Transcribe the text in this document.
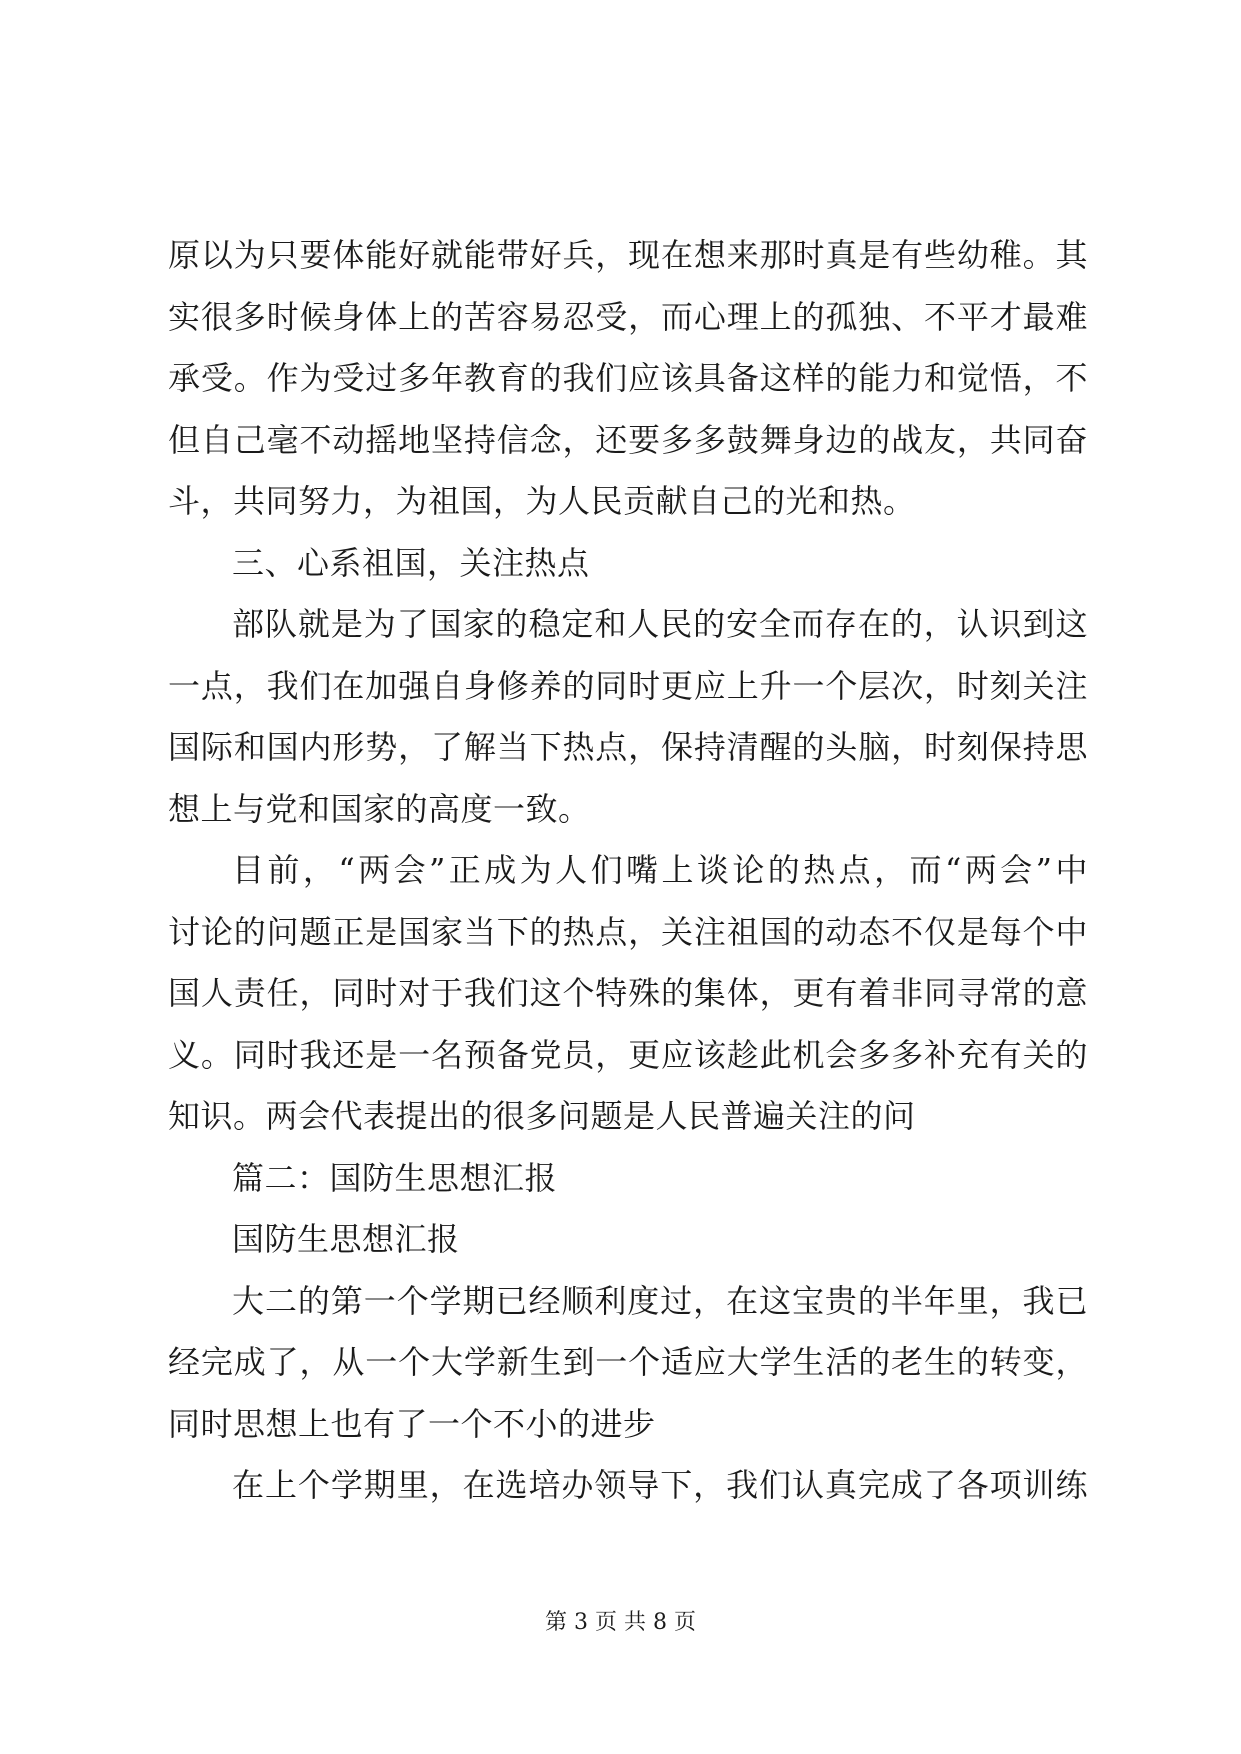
原以为只要体能好就能带好兵，现在想来那时真是有些幼稚。其
实很多时候身体上的苦容易忍受，而心理上的孤独、不平才最难
承受。作为受过多年教育的我们应该具备这样的能力和觉悟，不
但自己毫不动摇地坚持信念，还要多多鼓舞身边的战友，共同奋
斗，共同努力，为祖国，为人民贡献自己的光和热。
三、心系祖国，关注热点
部队就是为了国家的稳定和人民的安全而存在的，认识到这
一点，我们在加强自身修养的同时更应上升一个层次，时刻关注
国际和国内形势，了解当下热点，保持清醒的头脑，时刻保持思
想上与党和国家的高度一致。
目前，“两会”正成为人们嘴上谈论的热点，而“两会”中
讨论的问题正是国家当下的热点，关注祖国的动态不仅是每个中
国人责任，同时对于我们这个特殊的集体，更有着非同寻常的意
义。同时我还是一名预备党员，更应该趁此机会多多补充有关的
知识。两会代表提出的很多问题是人民普遍关注的问
篇二：国防生思想汇报
国防生思想汇报
大二的第一个学期已经顺利度过，在这宝贵的半年里，我已
经完成了，从一个大学新生到一个适应大学生活的老生的转变，
同时思想上也有了一个不小的进步
在上个学期里，在选培办领导下，我们认真完成了各项训练
第 3 页 共 8 页
